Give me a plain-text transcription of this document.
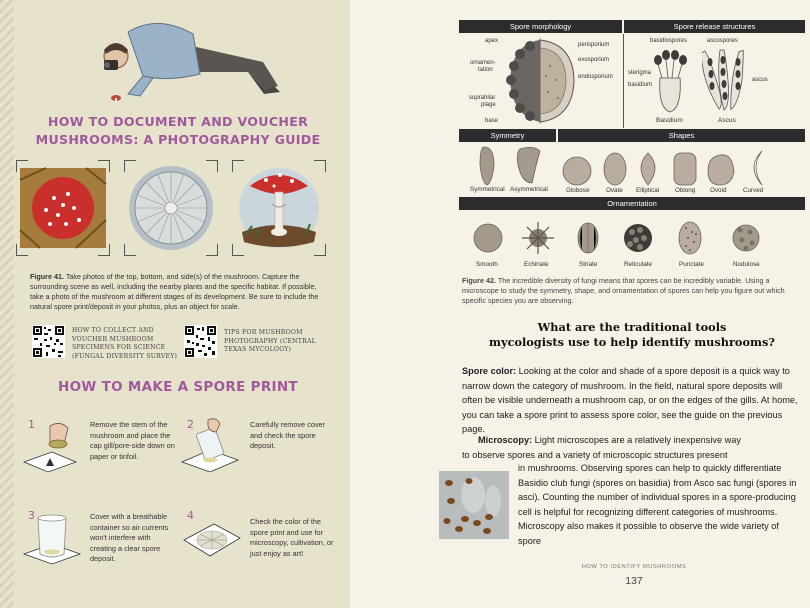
HOW TO DOCUMENT AND VOUCHER
MUSHROOMS: A PHOTOGRAPHY GUIDE
Figure 41. Take photos of the top, bottom, and side(s) of the mushroom. Capture the surrounding scene as well, including the nearby plants and the specific habitat. If possible, take a photo of the mushroom at different stages of its development. Be sure to include the natural spore print/deposit in your photos, plus an object for scale.
HOW TO COLLECT AND
VOUCHER MUSHROOM
SPECIMENS FOR SCIENCE
(FUNGAL DIVERSITY SURVEY)
TIPS FOR MUSHROOM
PHOTOGRAPHY (CENTRAL
TEXAS MYCOLOGY)
HOW TO MAKE A SPORE PRINT
1	Remove the stem of the mushroom and place the cap gill/pore-side down on paper or tinfoil.
2	Carefully remove cover and check the spore deposit.
3	Cover with a breathable container so air currents won't interfere with creating a clear spore deposit.
4	Check the color of the spore print and use for microscopy, cultivation, or just enjoy as art!
Spore morphology	Spore release structures
apex
ornamen-
tation
suprahilar
plage
base
perisporium
exosporium
endosporium
basidiospores
sterigma
basidium
Basidium
ascospores
ascus
Ascus
Symmetry	Shapes
Symmetrical Asymmetrical	Globose	Ovate Elliptical	Oblong Ovoid	Curved
Ornamentation
Smooth	Echinate	Striate	Reticulate	Punctate	Nodulose
Figure 42. The incredible diversity of fungi means that spores can be incredibly variable. Using a microscope to study the symmetry, shape, and ornamentation of spores can help you figure out which specific species you are observing.
What are the traditional tools
mycologists use to help identify mushrooms?
Spore color: Looking at the color and shade of a spore deposit is a quick way to narrow down the category of mushroom. In the field, natural spore deposits will often be visible underneath a mushroom cap, or on the edges of the gills. At home, you can take a spore print to assess spore color, see the guide on the previous page.
Microscopy: Light microscopes are a relatively inexpensive way
to observe spores and a variety of microscopic structures present
in mushrooms. Observing spores can help to quickly differentiate Basidio club fungi (spores on basidia) from Asco sac fungi (spores in asci). Counting the number of individual spores in a spore-producing cell is helpful for recognizing different categories of mushrooms. Microscopy also makes it possible to observe the wide variety of spore
HOW TO IDENTIFY MUSHROOMS
137
